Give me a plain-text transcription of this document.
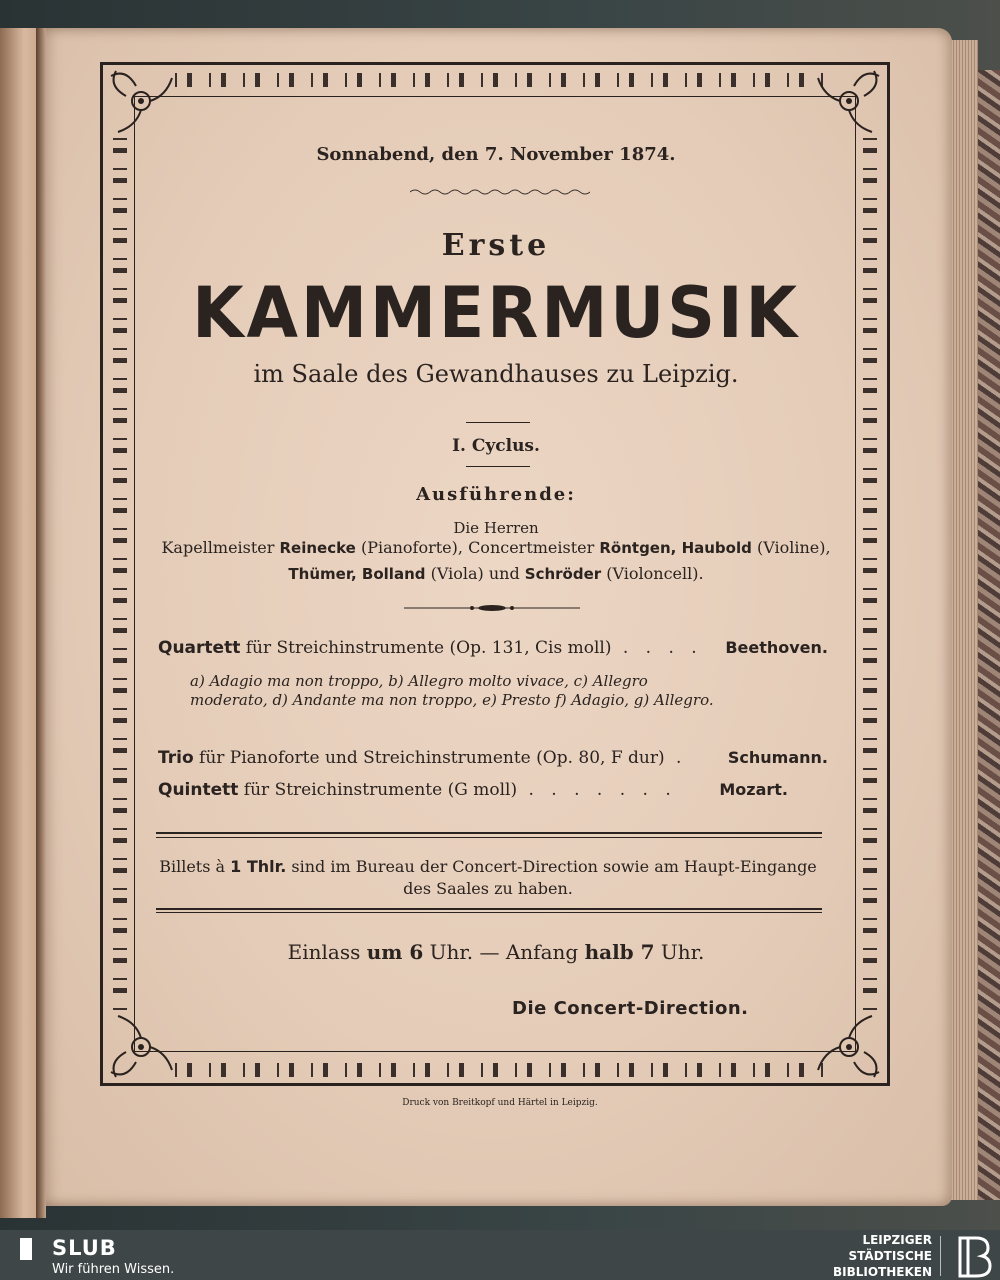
Sonnabend, den 7. November 1874.
Erste
KAMMERMUSIK
im Saale des Gewandhauses zu Leipzig.
I. Cyclus.
Ausführende:
Die Herren
Kapellmeister Reinecke (Pianoforte), Concertmeister Röntgen, Haubold (Violine),
Thümer, Bolland (Viola) und Schröder (Violoncell).
Quartett für Streichinstrumente (Op. 131, Cis moll) . . . . Beethoven.
a) Adagio ma non troppo, b) Allegro molto vivace, c) Allegro moderato, d) Andante ma non troppo, e) Presto f) Adagio, g) Allegro.
Trio für Pianoforte und Streichinstrumente (Op. 80, F dur) .	Schumann.
Quintett für Streichinstrumente (G moll) . . . . . . .	Mozart.
Billets à 1 Thlr. sind im Bureau der Concert-Direction sowie am Haupt-Eingange des Saales zu haben.
Einlass um 6 Uhr. — Anfang halb 7 Uhr.
Die Concert-Direction.
Druck von Breitkopf und Härtel in Leipzig.
SLUB
Wir führen Wissen.
LEIPZIGER
STÄDTISCHE
BIBLIOTHEKEN
